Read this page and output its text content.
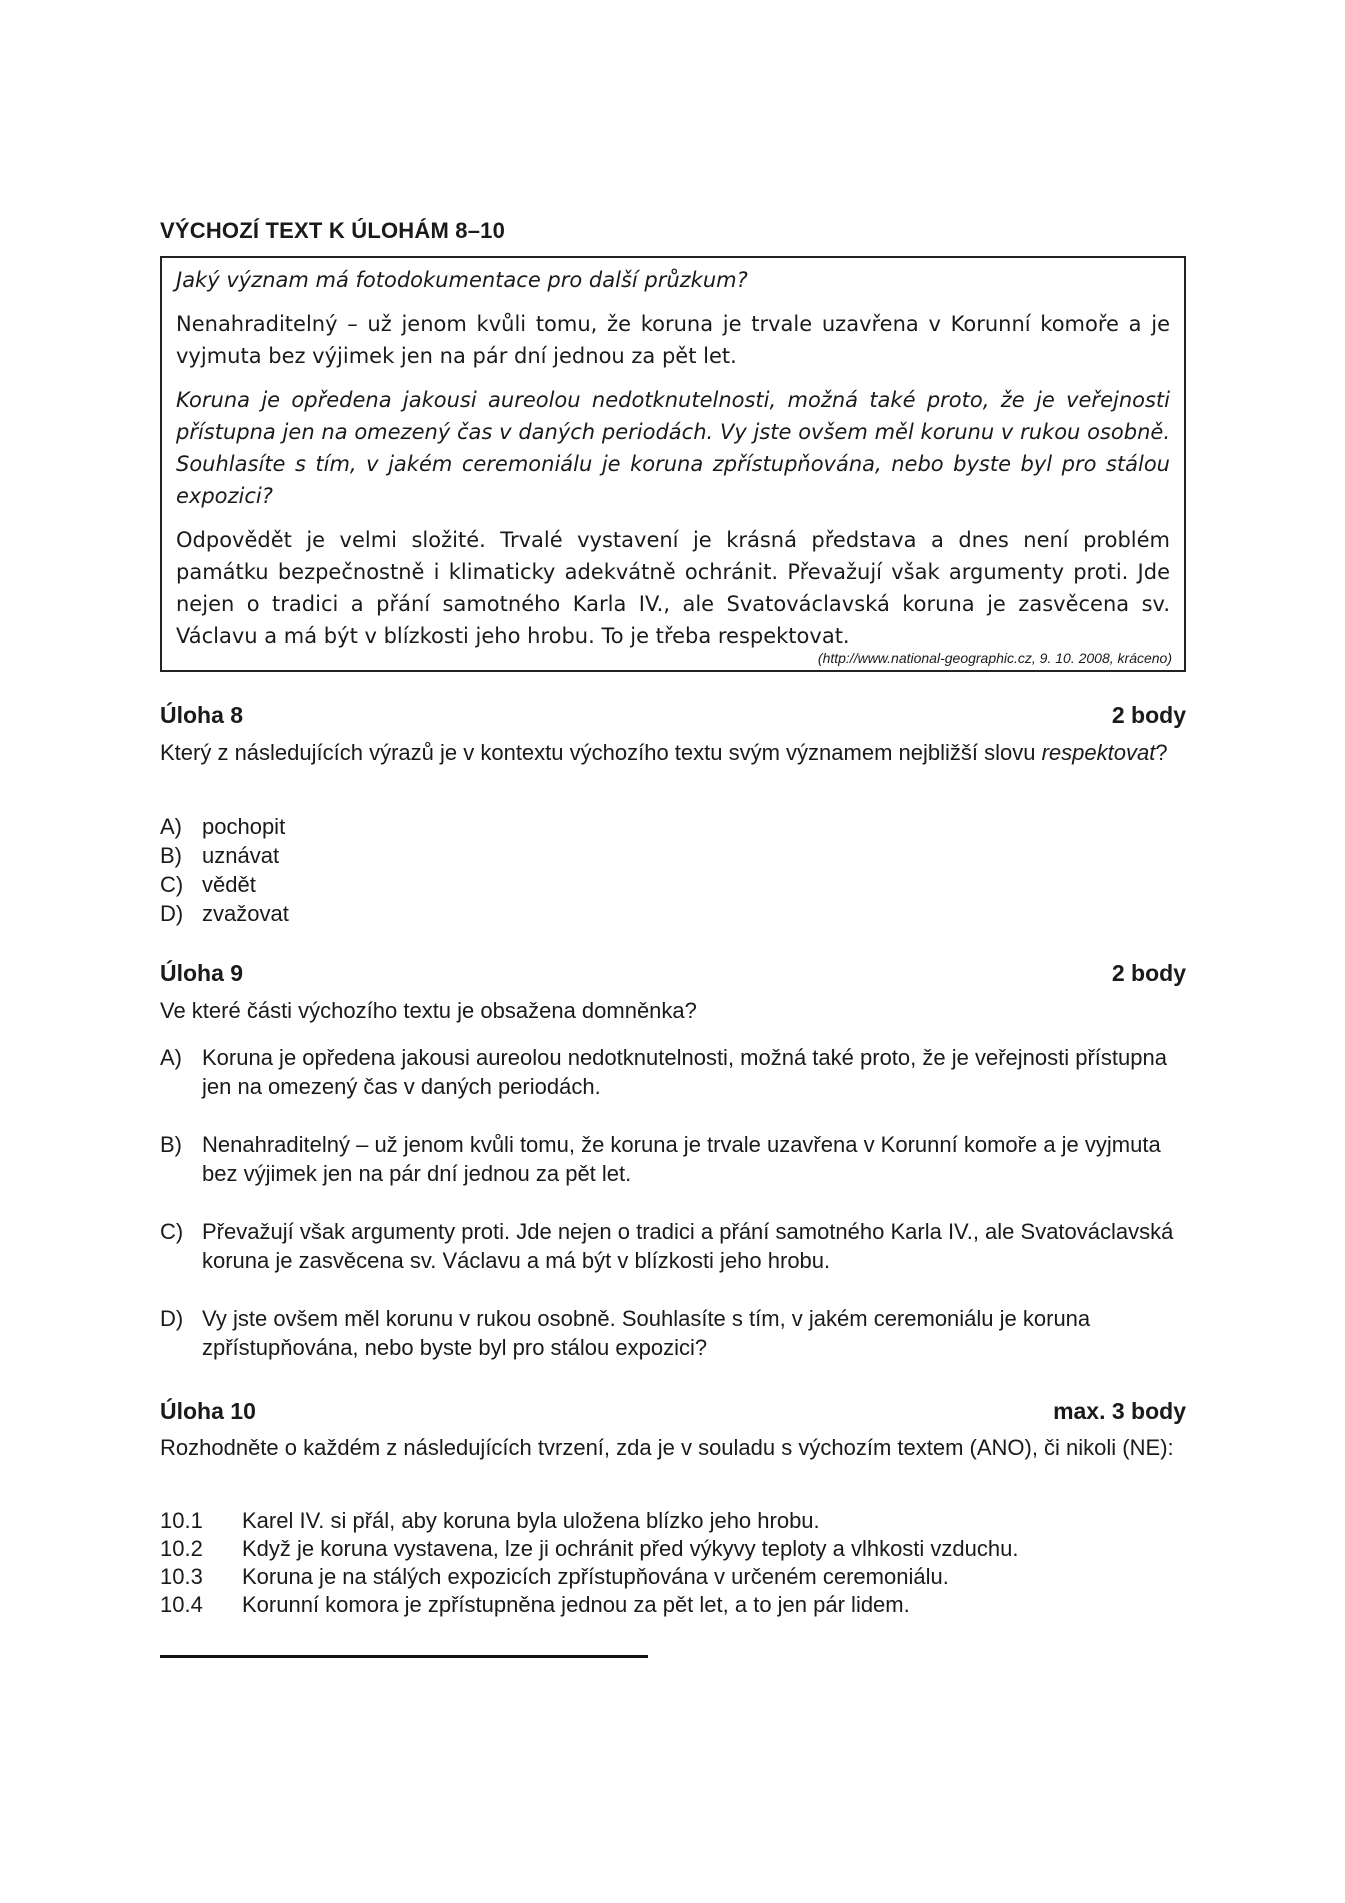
VÝCHOZÍ TEXT K ÚLOHÁM 8–10
Jaký význam má fotodokumentace pro další průzkum?
Nenahraditelný – už jenom kvůli tomu, že koruna je trvale uzavřena v Korunní komoře a je vyjmuta bez výjimek jen na pár dní jednou za pět let.
Koruna je opředena jakousi aureolou nedotknutelnosti, možná také proto, že je veřejnosti přístupna jen na omezený čas v daných periodách. Vy jste ovšem měl korunu v rukou osobně. Souhlasíte s tím, v jakém ceremoniálu je koruna zpřístupňována, nebo byste byl pro stálou expozici?
Odpovědět je velmi složité. Trvalé vystavení je krásná představa a dnes není problém památku bezpečnostně i klimaticky adekvátně ochránit. Převažují však argumenty proti. Jde nejen o tradici a přání samotného Karla IV., ale Svatováclavská koruna je zasvěcena sv. Václavu a má být v blízkosti jeho hrobu. To je třeba respektovat.
(http://www.national-geographic.cz, 9. 10. 2008, kráceno)
Úloha 8	2 body
Který z následujících výrazů je v kontextu výchozího textu svým významem nejbližší slovu respektovat?
A) pochopit
B) uznávat
C) vědět
D) zvažovat
Úloha 9	2 body
Ve které části výchozího textu je obsažena domněnka?
A) Koruna je opředena jakousi aureolou nedotknutelnosti, možná také proto, že je veřejnosti přístupna jen na omezený čas v daných periodách.
B) Nenahraditelný – už jenom kvůli tomu, že koruna je trvale uzavřena v Korunní komoře a je vyjmuta bez výjimek jen na pár dní jednou za pět let.
C) Převažují však argumenty proti. Jde nejen o tradici a přání samotného Karla IV., ale Svatováclavská koruna je zasvěcena sv. Václavu a má být v blízkosti jeho hrobu.
D) Vy jste ovšem měl korunu v rukou osobně. Souhlasíte s tím, v jakém ceremoniálu je koruna zpřístupňována, nebo byste byl pro stálou expozici?
Úloha 10	max. 3 body
Rozhodněte o každém z následujících tvrzení, zda je v souladu s výchozím textem (ANO), či nikoli (NE):
10.1	Karel IV. si přál, aby koruna byla uložena blízko jeho hrobu.
10.2	Když je koruna vystavena, lze ji ochránit před výkyvy teploty a vlhkosti vzduchu.
10.3	Koruna je na stálých expozicích zpřístupňována v určeném ceremoniálu.
10.4	Korunní komora je zpřístupněna jednou za pět let, a to jen pár lidem.
